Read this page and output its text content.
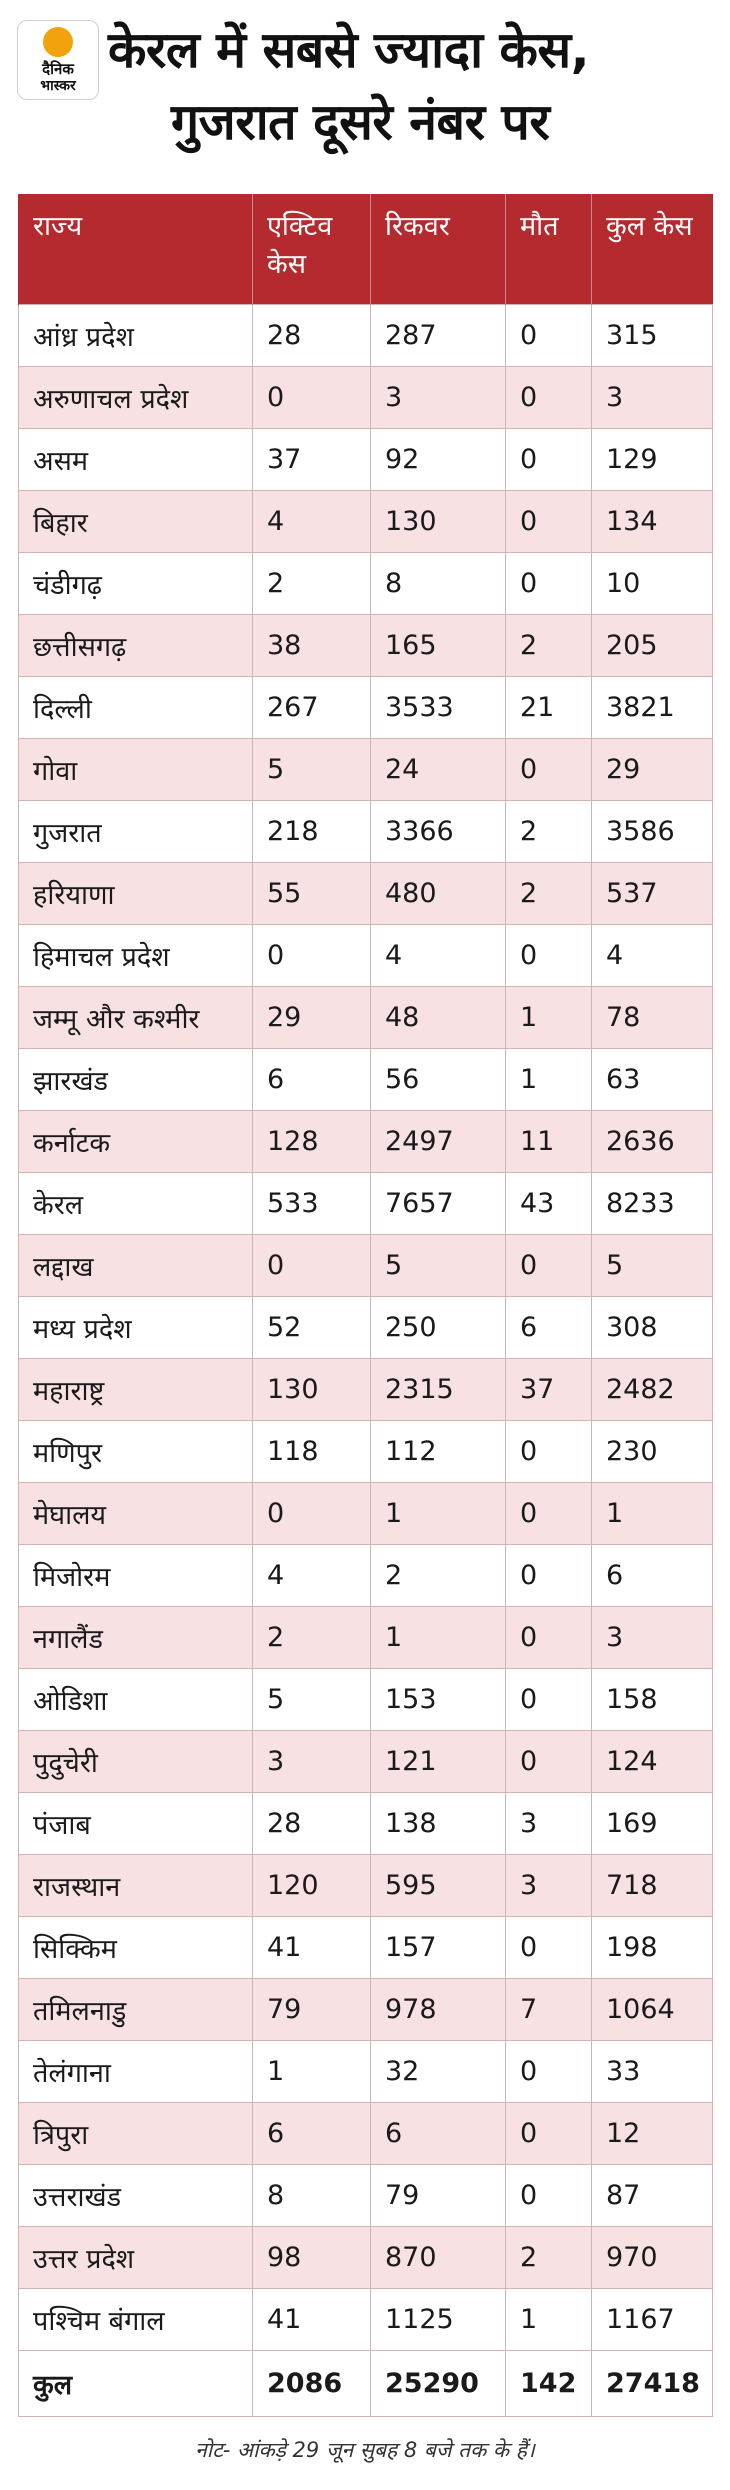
दैनिक
भास्कर
केरल में सबसे ज्यादा केस,
गुजरात दूसरे नंबर पर
राज्य	एक्टिव केस	रिकवर	मौत	कुल केस
आंध्र प्रदेश	28	287	0	315
अरुणाचल प्रदेश	0	3	0	3
असम	37	92	0	129
बिहार	4	130	0	134
चंडीगढ़	2	8	0	10
छत्तीसगढ़	38	165	2	205
दिल्ली	267	3533	21	3821
गोवा	5	24	0	29
गुजरात	218	3366	2	3586
हरियाणा	55	480	2	537
हिमाचल प्रदेश	0	4	0	4
जम्मू और कश्मीर	29	48	1	78
झारखंड	6	56	1	63
कर्नाटक	128	2497	11	2636
केरल	533	7657	43	8233
लद्दाख	0	5	0	5
मध्य प्रदेश	52	250	6	308
महाराष्ट्र	130	2315	37	2482
मणिपुर	118	112	0	230
मेघालय	0	1	0	1
मिजोरम	4	2	0	6
नगालैंड	2	1	0	3
ओडिशा	5	153	0	158
पुदुचेरी	3	121	0	124
पंजाब	28	138	3	169
राजस्थान	120	595	3	718
सिक्किम	41	157	0	198
तमिलनाडु	79	978	7	1064
तेलंगाना	1	32	0	33
त्रिपुरा	6	6	0	12
उत्तराखंड	8	79	0	87
उत्तर प्रदेश	98	870	2	970
पश्चिम बंगाल	41	1125	1	1167
कुल	2086	25290	142	27418
नोट- आंकड़े 29 जून सुबह 8 बजे तक के हैं।
